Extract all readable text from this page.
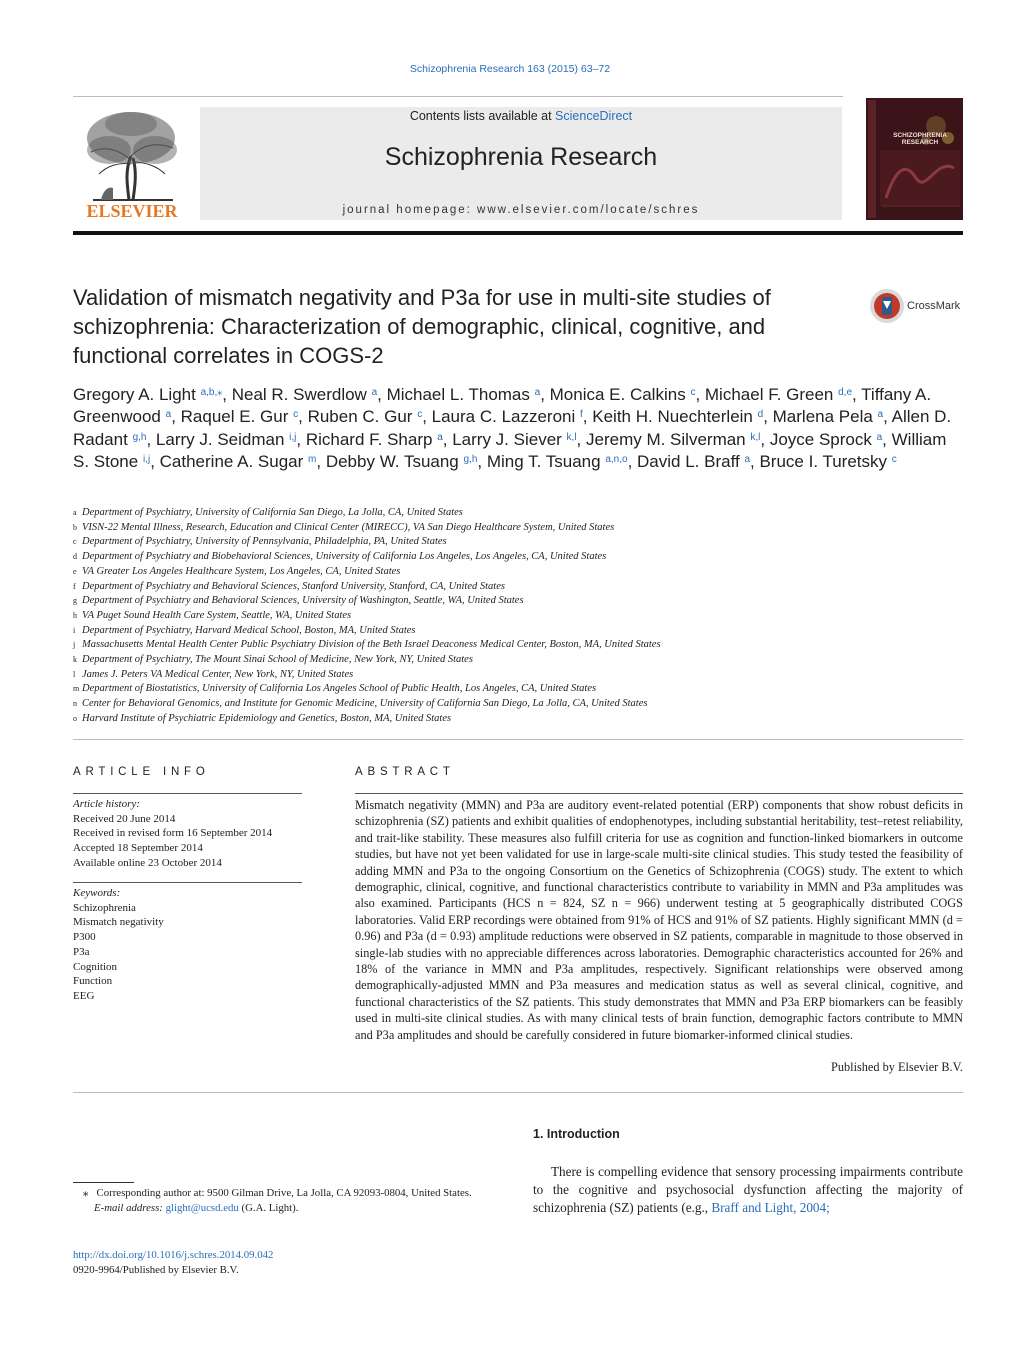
Schizophrenia Research 163 (2015) 63–72
ELSEVIER
Contents lists available at ScienceDirect
Schizophrenia Research
journal homepage: www.elsevier.com/locate/schres
SCHIZOPHRENIA RESEARCH
Validation of mismatch negativity and P3a for use in multi-site studies of schizophrenia: Characterization of demographic, clinical, cognitive, and functional correlates in COGS-2
CrossMark
Gregory A. Light $^{a,b,⁎}$, Neal R. Swerdlow $^a$, Michael L. Thomas $^a$, Monica E. Calkins $^c$, Michael F. Green $^{d,e}$, Tiffany A. Greenwood $^a$, Raquel E. Gur $^c$, Ruben C. Gur $^c$, Laura C. Lazzeroni $^f$, Keith H. Nuechterlein $^d$, Marlena Pela $^a$, Allen D. Radant $^{g,h}$, Larry J. Seidman $^{i,j}$, Richard F. Sharp $^a$, Larry J. Siever $^{k,l}$, Jeremy M. Silverman $^{k,l}$, Joyce Sprock $^a$, William S. Stone $^{i,j}$, Catherine A. Sugar $^m$, Debby W. Tsuang $^{g,h}$, Ming T. Tsuang $^{a,n,o}$, David L. Braff $^a$, Bruce I. Turetsky $^c$
a Department of Psychiatry, University of California San Diego, La Jolla, CA, United States
b VISN-22 Mental Illness, Research, Education and Clinical Center (MIRECC), VA San Diego Healthcare System, United States
c Department of Psychiatry, University of Pennsylvania, Philadelphia, PA, United States
d Department of Psychiatry and Biobehavioral Sciences, University of California Los Angeles, Los Angeles, CA, United States
e VA Greater Los Angeles Healthcare System, Los Angeles, CA, United States
f Department of Psychiatry and Behavioral Sciences, Stanford University, Stanford, CA, United States
g Department of Psychiatry and Behavioral Sciences, University of Washington, Seattle, WA, United States
h VA Puget Sound Health Care System, Seattle, WA, United States
i Department of Psychiatry, Harvard Medical School, Boston, MA, United States
j Massachusetts Mental Health Center Public Psychiatry Division of the Beth Israel Deaconess Medical Center, Boston, MA, United States
k Department of Psychiatry, The Mount Sinai School of Medicine, New York, NY, United States
l James J. Peters VA Medical Center, New York, NY, United States
m Department of Biostatistics, University of California Los Angeles School of Public Health, Los Angeles, CA, United States
n Center for Behavioral Genomics, and Institute for Genomic Medicine, University of California San Diego, La Jolla, CA, United States
o Harvard Institute of Psychiatric Epidemiology and Genetics, Boston, MA, United States
ARTICLE INFO	ABSTRACT
Article history:
Received 20 June 2014
Received in revised form 16 September 2014
Accepted 18 September 2014
Available online 23 October 2014
Keywords:
Schizophrenia
Mismatch negativity
P300
P3a
Cognition
Function
EEG
Mismatch negativity (MMN) and P3a are auditory event-related potential (ERP) components that show robust deficits in schizophrenia (SZ) patients and exhibit qualities of endophenotypes, including substantial heritability, test–retest reliability, and trait-like stability. These measures also fulfill criteria for use as cognition and function-linked biomarkers in outcome studies, but have not yet been validated for use in large-scale multi-site clinical studies. This study tested the feasibility of adding MMN and P3a to the ongoing Consortium on the Genetics of Schizophrenia (COGS) study. The extent to which demographic, clinical, cognitive, and functional characteristics contribute to variability in MMN and P3a amplitudes was also examined. Participants (HCS n = 824, SZ n = 966) underwent testing at 5 geographically distributed COGS laboratories. Valid ERP recordings were obtained from 91% of HCS and 91% of SZ patients. Highly significant MMN (d = 0.96) and P3a (d = 0.93) amplitude reductions were observed in SZ patients, comparable in magnitude to those observed in single-lab studies with no appreciable differences across laboratories. Demographic characteristics accounted for 26% and 18% of the variance in MMN and P3a amplitudes, respectively. Significant relationships were observed among demographically-adjusted MMN and P3a measures and medication status as well as several clinical, cognitive, and functional characteristics of the SZ patients. This study demonstrates that MMN and P3a ERP biomarkers can be feasibly used in multi-site clinical studies. As with many clinical tests of brain function, demographic factors contribute to MMN and P3a amplitudes and should be carefully considered in future biomarker-informed clinical studies.
Published by Elsevier B.V.
1. Introduction
There is compelling evidence that sensory processing impairments contribute to the cognitive and psychosocial dysfunction affecting the majority of schizophrenia (SZ) patients (e.g., Braff and Light, 2004;
⁎ Corresponding author at: 9500 Gilman Drive, La Jolla, CA 92093-0804, United States.
E-mail address: glight@ucsd.edu (G.A. Light).
http://dx.doi.org/10.1016/j.schres.2014.09.042
0920-9964/Published by Elsevier B.V.
